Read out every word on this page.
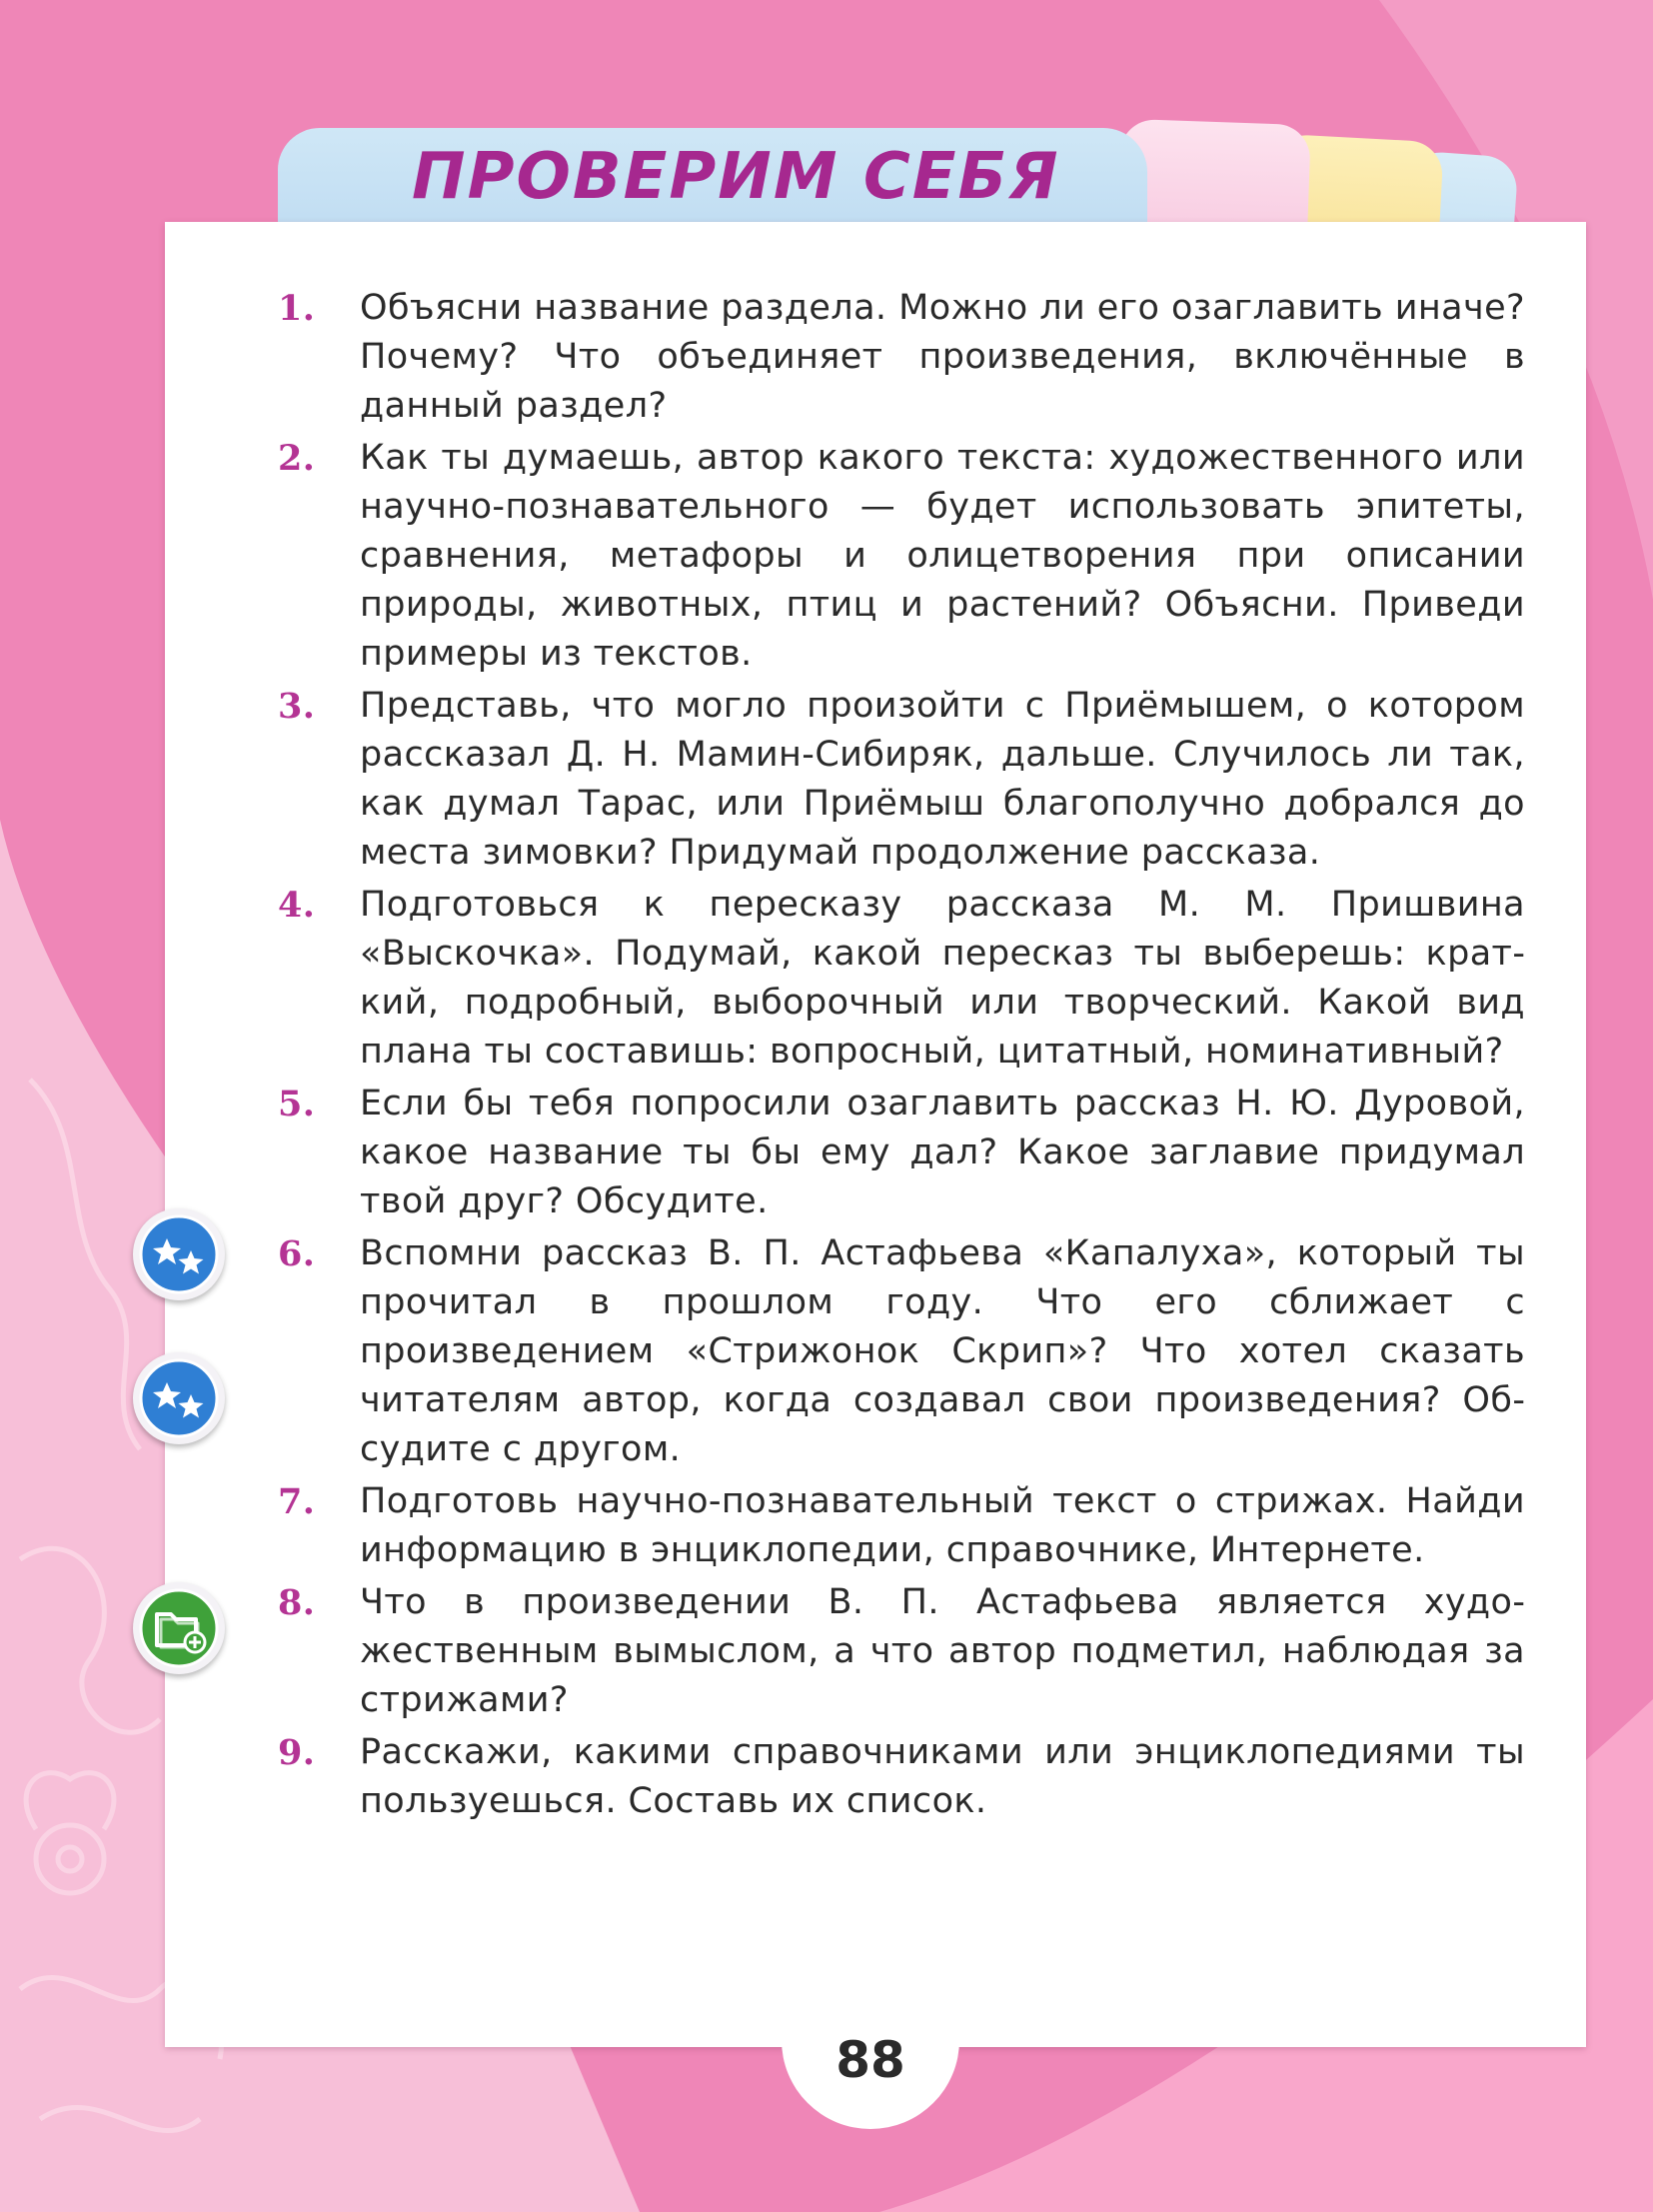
ПРОВЕРИМ СЕБЯ
1. Объясни название раздела. Можно ли его озаглавить иначе? Почему? Что объединяет произведения, включённые в данный раздел?
2. Как ты думаешь, автор какого текста: художественного или научно-познавательного — будет использовать эпитеты, сравнения, метафоры и олицетворения при описании природы, животных, птиц и растений? Объясни. Приведи примеры из текстов.
3. Представь, что могло произойти с Приёмышем, о котором рассказал Д. Н. Мамин-Сибиряк, дальше. Случилось ли так, как думал Тарас, или Приёмыш благополучно добрался до места зимовки? Придумай продолжение рассказа.
4. Подготовься к пересказу рассказа М. М. Пришвина «Выскочка». Подумай, какой пересказ ты выберешь: краткий, подробный, выборочный или творческий. Какой вид плана ты составишь: вопросный, цитатный, номинативный?
5. Если бы тебя попросили озаглавить рассказ Н. Ю. Дуровой, какое название ты бы ему дал? Какое заглавие придумал твой друг? Обсудите.
6. Вспомни рассказ В. П. Астафьева «Капалуха», который ты прочитал в прошлом году. Что его сближает с произведением «Стрижонок Скрип»? Что хотел сказать читателям автор, когда создавал свои произведения? Обсудите с другом.
7. Подготовь научно-познавательный текст о стрижах. Найди информацию в энциклопедии, справочнике, Интернете.
8. Что в произведении В. П. Астафьева является художественным вымыслом, а что автор подметил, наблюдая за стрижами?
9. Расскажи, какими справочниками или энциклопедиями ты пользуешься. Составь их список.
88
